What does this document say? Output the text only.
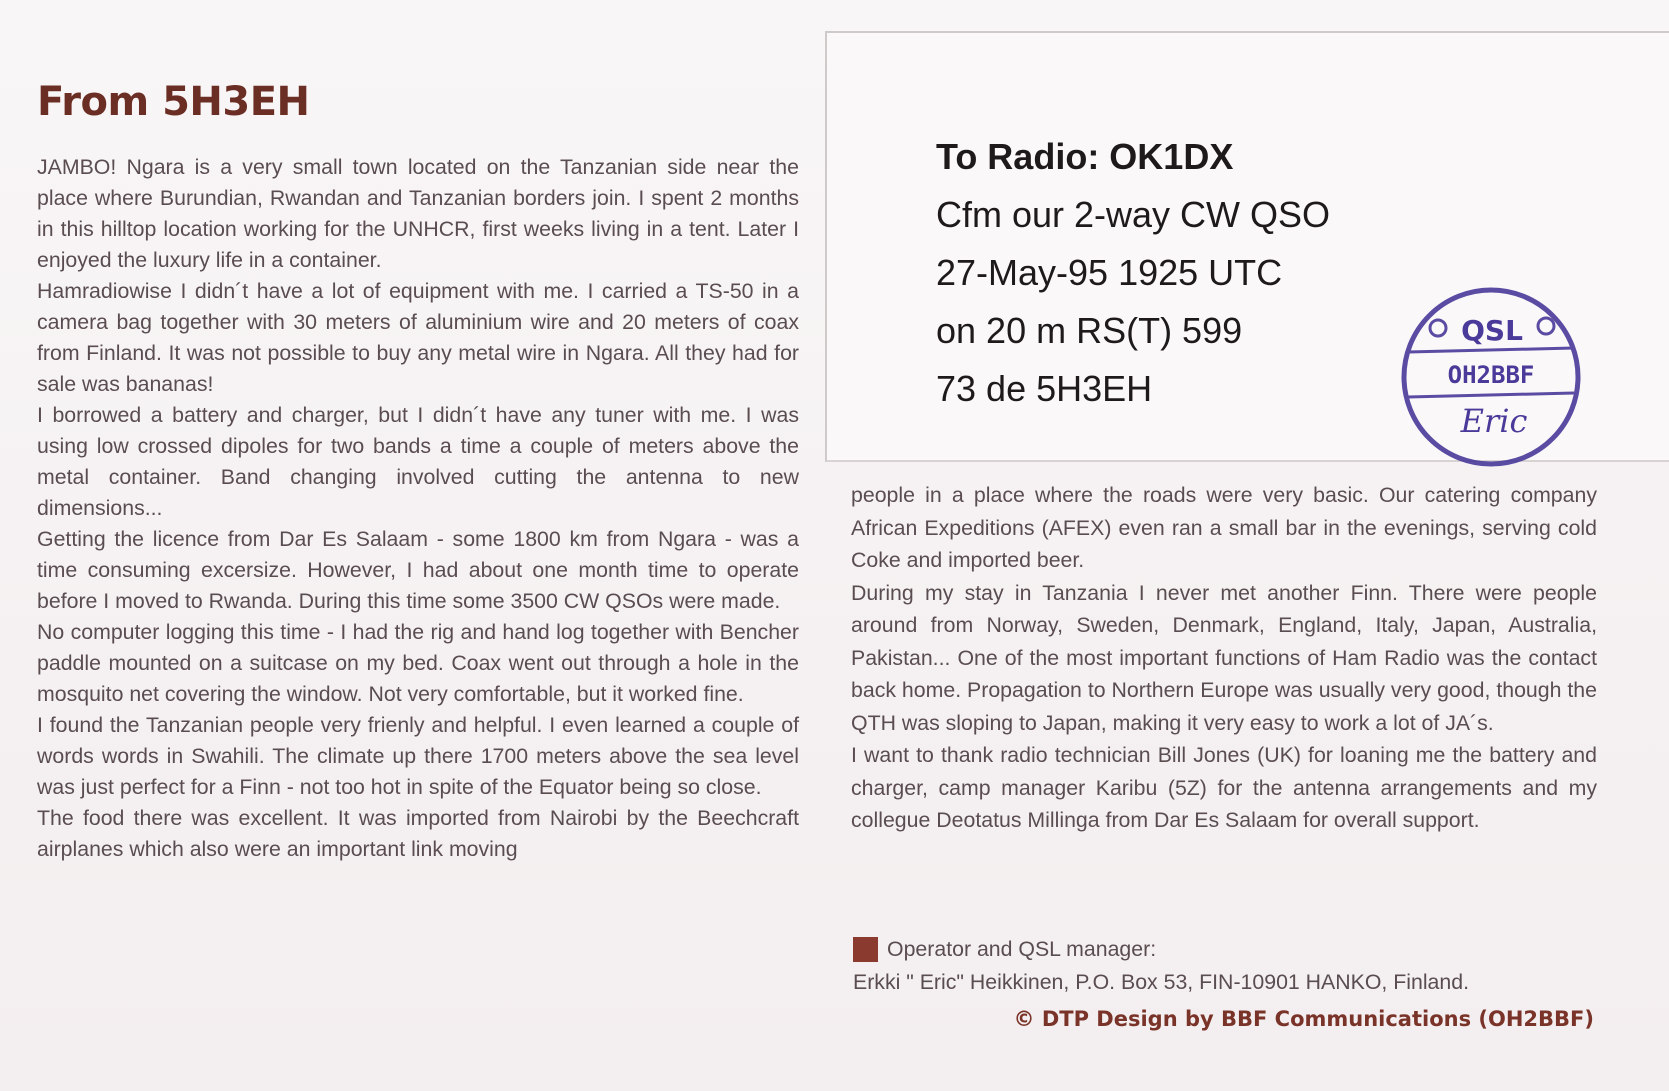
From 5H3EH

JAMBO! Ngara is a very small town located on the Tanzanian side near the place where Burundian, Rwandan and Tanzanian borders join. I spent 2 months in this hilltop location working for the UNHCR, first weeks living in a tent. Later I enjoyed the luxury life in a container.

Hamradiowise I didn´t have a lot of equipment with me. I carried a TS-50 in a camera bag together with 30 meters of aluminium wire and 20 meters of coax from Finland. It was not possible to buy any metal wire in Ngara. All they had for sale was bananas!

I borrowed a battery and charger, but I didn´t have any tuner with me. I was using low crossed dipoles for two bands a time a couple of meters above the metal container. Band changing involved cutting the antenna to new dimensions...

Getting the licence from Dar Es Salaam - some 1800 km from Ngara - was a time consuming excersize. However, I had about one month time to operate before I moved to Rwanda. During this time some 3500 CW QSOs were made.

No computer logging this time - I had the rig and hand log together with Bencher paddle mounted on a suitcase on my bed. Coax went out through a hole in the mosquito net covering the window. Not very comfortable, but it worked fine.

I found the Tanzanian people very frienly and helpful. I even learned a couple of words words in Swahili. The climate up there 1700 meters above the sea level was just perfect for a Finn - not too hot in spite of the Equator being so close.

The food there was excellent. It was imported from Nairobi by the Beechcraft airplanes which also were an important link moving

To Radio: OK1DX
Cfm our 2-way CW QSO
27-May-95 1925 UTC
on 20 m RS(T) 599
73 de 5H3EH
QSL
OH2BBF
Eric

people in a place where the roads were very basic. Our catering company African Expeditions (AFEX) even ran a small bar in the evenings, serving cold Coke and imported beer.

During my stay in Tanzania I never met another Finn. There were people around from Norway, Sweden, Denmark, England, Italy, Japan, Australia, Pakistan... One of the most important functions of Ham Radio was the contact back home. Propagation to Northern Europe was usually very good, though the QTH was sloping to Japan, making it very easy to work a lot of JA´s.

I want to thank radio technician Bill Jones (UK) for loaning me the battery and charger, camp manager Karibu (5Z) for the antenna arrangements and my collegue Deotatus Millinga from Dar Es Salaam for overall support.

Operator and QSL manager:
Erkki " Eric" Heikkinen, P.O. Box 53, FIN-10901 HANKO, Finland.
© DTP Design by BBF Communications (OH2BBF)
